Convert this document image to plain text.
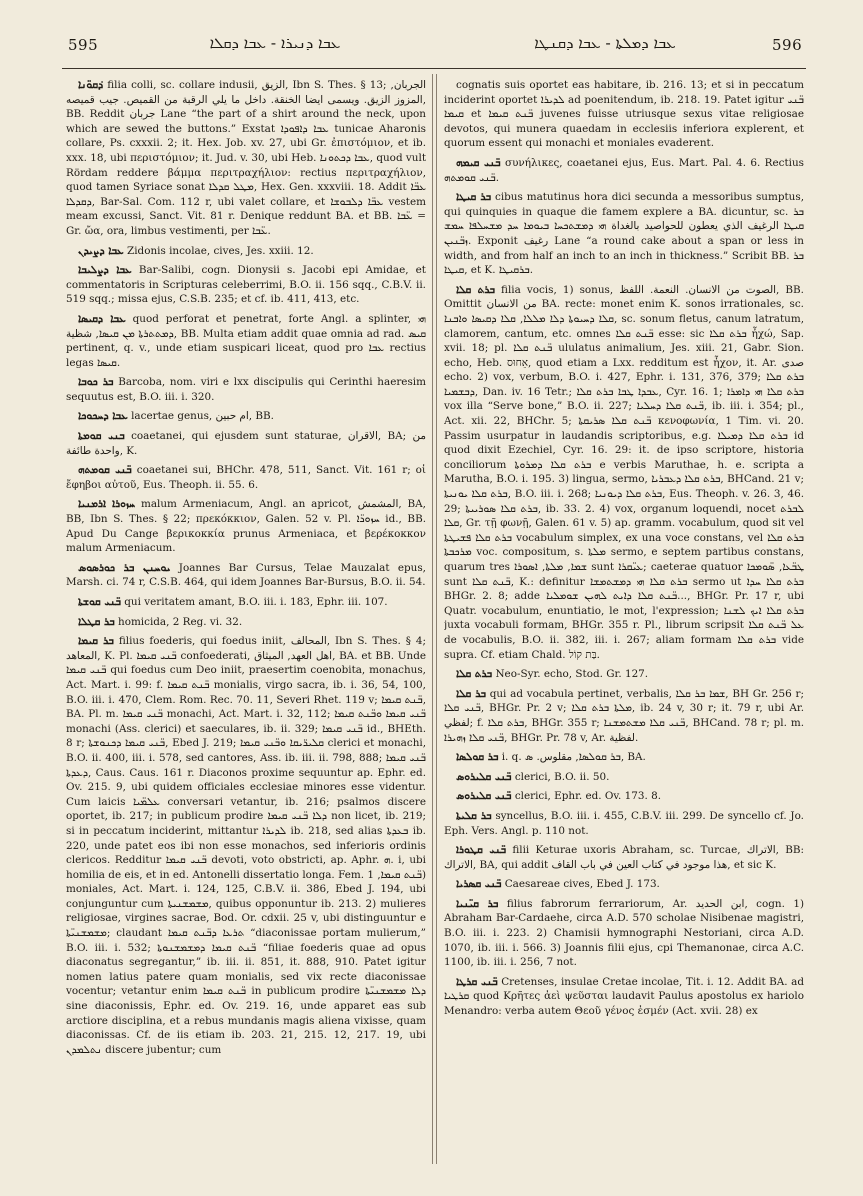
595	ܥܒܐ ܕܢܝܪܐ - ܥܒܐ ܕܩܠܐ	ܥܒܐ ܕܡܠܬܐ - ܥܒܐ ܕܩܢܛܐ	596

ܕ݁ܩܘ̈ܢܐ filia colli, sc. collare indusii, الزيق, Ibn S. Thes. § 13; الجربان, المزوز الزيق. ويسمى ايضا الخنقة. داخل ما يلي الرقبة من القميص. جيب قميصه, BB. Reddit جربان Lane “the part of a shirt around the neck, upon which are sewed the buttons.” Exstat ܥܒܐ ܕܐܦܘܕܐ tunicae Aharonis collare, Ps. cxxxii. 2; it. Hex. Job. xv. 27, ubi Gr. ἐπιστόμιον, et ib. xxx. 18, ubi περιστόμιον; it. Jud. v. 30, ubi Heb. ܥܒܐ ܕܟܬܘܢܐ, quod vult Rördam reddere βάμμα περιτραχήλιον: rectius περιτραχήλιον, quod tamen Syriace sonat ܡܛܠ ܩܕܠܐ, Hex. Gen. xxxviii. 18. Addit ܥܒ̈ܐ ܕܩܕܠܐ, Bar-Sal. Com. 112 r, ubi valet collare, et ܥܒ̈ܐ ܕܠܒܘܫܐ vestem meam excussi, Sanct. Vit. 81 r. Denique reddunt BA. et BB. ܥ̈ܒܐ = Gr. ὤα, ora, limbus vestimenti, per ܥ̈ܒܐ.

ܥܒܐ ܕܨܝܕܢ Zidonis incolae, cives, Jes. xxiii. 12.

ܥܒܐ ܕܨܠܝܒܐ Bar-Salibi, cogn. Dionysii s. Jacobi epi Amidae, et commentatoris in Scripturas celeberrimi, B.O. ii. 156 sqq., C.B.V. ii. 519 sqq.; missa ejus, C.S.B. 235; et cf. ib. 411, 413, etc.

ܥܒܐ ܕܩܝܣܐ quod perforat et penetrat, forte Angl. a splinter, ܗܝ ܕܡܬܬܪܬܐ ܡܢ ܩܝܣܐ, شظية, BB. Multa etiam addit quae omnia ad rad. ܩܝܣ pertinent, q. v., unde etiam suspicari liceat, quod pro ܥܒܐ rectius legas ܩܝܣܐ.

ܒܪ ܟܘܒܐ Barcoba, nom. viri e lxx discipulis qui Cerinthi haeresim sequutus est, B.O. iii. i. 320.

ܥܒܐ ܕܚܟܘܟܐ lacertae genus, ام حبين, BB.

ܒܢܝ ܩܘܡܬܐ coaetanei, qui ejusdem sunt staturae, الاقران, BA; من واحدة طائفة, K.

ܒ̈ܢܝ ܩܘܡܬܗ coaetanei sui, BHChr. 478, 511, Sanct. Vit. 161 r; οἱ ἔφηβοι αὐτοῦ, Eus. Theoph. ii. 55. 6.

ܚܙܘܪܐ ܐܪܡܢܝܐ malum Armeniacum, Angl. an apricot, المشمش, BA, BB, Ibn S. Thes. § 22; πρεκόκκιον, Galen. 52 v. Pl. ܚܙܘܖ̈ܐ id., BB. Apud Du Cange βερικοκκία prunus Armeniaca, et βερέκοκκον malum Armeniacum.

ܝܘܚܢܢ ܒܪ ܟܘܪܣܘܣ Joannes Bar Cursus, Telae Mauzalat epus, Marsh. ci. 74 r, C.S.B. 464, qui idem Joannes Bar-Bursus, B.O. ii. 54.

ܒ̈ܢܝ ܩܘܫܬܐ qui veritatem amant, B.O. iii. i. 183, Ephr. iii. 107.

ܒܪ ܩܛܠܐ homicida, 2 Reg. vi. 32.

ܒܪ ܩܝܡܐ filius foederis, qui foedus iniit, المحالف, Ibn S. Thes. § 4; المعاهد, K. Pl. ܒ̈ܢܝ ܩܝܡܐ confoederati, اهل العهد, الميثاق, BA. et BB. Unde ܒ̈ܢܝ ܩܝܡܐ qui foedus cum Deo iniit, praesertim coenobita, monachus, Act. Mart. i. 99: f. ܒ̈ܢܬ ܩܝܡܐ monialis, virgo sacra, ib. i. 36, 54, 100, B.O. iii. i. 470, Clem. Rom. Rec. 70. 11, Severi Rhet. 119 v; ܒ̈ܢܬ ܩܝܡܐ, BA. Pl. m. ܒ̈ܢܝ ܩܝܡܐ monachi, Act. Mart. i. 32, 112; ܒ̈ܢܝ ܩܝܡܐ ܘܒ̈ܢܬ ܩܝܡܐ monachi (Ass. clerici) et saeculares, ib. ii. 329; ܒ̈ܢܝ ܩܝܡܐ id., BHEth. 8 r; ܒ̈ܢܝ ܩܝܡܐ ܕܟܢܘܫܬܐ, Ebed J. 219; ܩܠܝܪ̈ܝܩܐ ܘܒ̈ܢܝ ܩܝܡܐ clerici et monachi, B.O. ii. 400, iii. i. 578, sed cantores, Ass. ib. iii. ii. 798, 888; ܒ̈ܢܝ ܩܝܡܐ ܕܥܕܬܐ, Caus. Caus. 161 r. Diaconos proxime sequuntur ap. Ephr. ed. Ov. 215. 9, ubi quidem officiales ecclesiae minores esse videntur. Cum laicis ܥܠܡ̈ܝܐ conversari vetantur, ib. 216; psalmos discere oportet, ib. 217; in publicum prodire ܕܠܐ ܒ̈ܢܝ ܩܝܡܐ non licet, ib. 219; si in peccatum inciderint, mittantur ܠܕܝܪܐ ib. 218, sed alias ܒܥܕܬܐ ib. 220, unde patet eos ibi non esse monachos, sed inferioris ordinis clericos. Redditur ܒ̈ܢܝ ܩܝܡܐ devoti, voto obstricti, ap. Aphr. ܗ. i, ubi homilia de eis, et in ed. Antonelli dissertatio longa. Fem. ܒ̈ܢܬ ܩܝܡܐ, 1) moniales, Act. Mart. i. 124, 125, C.B.V. ii. 386, Ebed J. 194, ubi conjunguntur cum ܡܫܡܫܢܝܬܐ, quibus opponuntur ib. 213. 2) mulieres religiosae, virgines sacrae, Bod. Or. cdxii. 25 v, ubi distinguuntur e ܡܫܡܫܢܝ̈ܬܐ; claudant ܬܪܥܐ ܕܒ̈ܢܬ ܩܝܡܐ “diaconissae portam mulierum,” B.O. iii. i. 532; ܒ̈ܢܬ ܩܝܡܐ ܕܡܫܡܫܢܘܬܐ “filiae foederis quae ad opus diaconatus segregantur,” ib. iii. ii. 851, it. 888, 910. Patet igitur nomen latius patere quam monialis, sed vix recte diaconissae vocentur; vetantur enim ܒ̈ܢܬ ܩܝܡܐ in publicum prodire ܕܠܐ ܡܫܡܫܢܝ̈ܬܐ sine diaconissis, Ephr. ed. Ov. 219. 16, unde apparet eas sub arctiore disciplina, et a rebus mundanis magis aliena vixisse, quam diaconissas. Cf. de iis etiam ib. 203. 21, 215. 12, 217. 19, ubi ܢܬܠܡܕܢ discere jubentur; cum

cognatis suis oportet eas habitare, ib. 216. 13; et si in peccatum inciderint oportet ܠܕܝܪܐ ad poenitendum, ib. 218. 19. Patet igitur ܒ̈ܢܝ ܩܝܡܐ et ܒ̈ܢܬ ܩܝܡܐ juvenes fuisse utriusque sexus vitae religiosae devotos, qui munera quaedam in ecclesiis inferiora explerent, et quorum essent qui monachi et moniales evaderent.

ܒ̈ܢܝ ܩܝܡܗ συνήλικες, coaetanei ejus, Eus. Mart. Pal. 4. 6. Rectius ܒ̈ܢܝ ܩܘܡܬܗ.

ܒܪ ܩܝܛܐ cibus matutinus hora dici secunda a messoribus sumptus, qui quinquies in quaque die famem explere a BA. dicuntur, sc. ܒܪ ܩܝܛܐ الرغيف الذي يعطون للحواصيد بالغداة ܗܝ ܕܡܫܬܟܚܐ ܒܝܘܡܐ ܚܕ ܡܫܚܠܦܐ ܚܡܫ ܙܒ̈ܢܝܢ. Exponit رغيف Lane “a round cake about a span or less in width, and from half an inch to an inch in thickness.” Scribit BB. ܒܪ ܩܝܛܐ, et K. ܒܪܩܝܛܐ.

ܒܪܬ ܩܠܐ filia vocis, 1) sonus, الصوت من الانسان. النعمة. اللفظ, BB. Omittit من الانسان BA. recte: monet enim K. sonos irrationales, sc. ܩܠܐ ܕܚܝܘܬܐ ܕܠܐ ܡܠܠܐ, ܩܠܐ ܕܩܝܣܐ ܘܐܒܢܐ, sc. sonum fletus, canum latratum, clamorem, cantum, etc. omnes ܒ̈ܢܬ ܩܠܐ esse: sic ܒܪܬ ܩܠܐ ἦχώ, Sap. xvii. 18; pl. ܒ̈ܢܬ ܩܠܐ ululatus animalium, Jes. xiii. 21, Gabr. Sion. echo, Heb. אֵחוּס, quod etiam a Lxx. redditum est ἦχον, it. Ar. صدى echo. 2) vox, verbum, B.O. i. 427, Ephr. i. 131, 376, 379; ܒܪܬ ܩܠܐ ܕܒܫܡܝܐ, Dan. iv. 16 Tetr.; ܥܒܕܐ ܛܒܐ ܒܪܬ ܩܠܐ, Cyr. 16. 1; ܒܪܬ ܩܠܐ ܗܝ ܕܐܡܪܐ vox illa “Serve bone,” B.O. ii. 227; ܒ̈ܢܬ ܩܠܐ ܕܚܠܝܐ, ib. iii. i. 354; pl., Act. xii. 22, BHChr. 5; ܒ̈ܢܬ ܩܠܐ ܣܪܝܩܬܐ κενοφωνία, 1 Tim. vi. 20. Passim usurpatur in laudandis scriptoribus, e.g. ܒܪܬ ܩܠܐ ܕܡܝܠܐ id quod dixit Ezechiel, Cyr. 16. 29: it. de ipso scriptore, historia conciliorum ܒܪܬ ܩܠܐ ܕܡܪܘܬܐ e verbis Maruthae, h. e. scripta a Marutha, B.O. i. 195. 3) lingua, sermo, ܒܪܬ ܩܠܐ ܕܥܒܪܝܐ, BHCand. 21 v; ܒܪܬ ܩܠܐ ܝܘܢܝܬܐ, B.O. iii. i. 268; ܒܪܬ ܩܠܐ ܕܝܘܢܝܐ, Eus. Theoph. v. 26. 3, 46. 29; ܒܪܬ ܩܠܐ ܣܘܪܝܝܬܐ, ib. 33. 2. 4) vox, organum loquendi, nocet ܠܒܪܬ ܩܠܐ, Gr. τῇ φωνῇ, Galen. 61 v. 5) ap. gramm. vocabulum, quod sit vel ܒܪܬ ܩܠܐ ܦܫܝܛܬܐ vocabulum simplex, ex una voce constans, vel ܒܪܬ ܩܠܐ ܡܪܟܒܬܐ voc. compositum, s. ܡܠܬܐ sermo, e septem partibus constans, quarum tres ܫܡܐ, ܡܠܬܐ, ܐܣܘܪܐ sunt ܥܝ̈ܩܪܐ; caeterae quatuor ܛܒ̈ܥܐ, ܣ̈ܘܡܟܐ sunt ܒ̈ܢܬ ܩܠܐ, K.: definitur ܒܪܬ ܩܠܐ ܗܝ ܕܡܫܬܡܫܐ sermo ut ܒܪܬ ܩܠܐ ܚܕܐ BHGr. 2. 8; adde ܒ̈ܢܬ ܩܠܐ ܕܐܝܬ ܠܗܝܢ ܫܘܡܠܝܐ..., BHGr. Pr. 17 r, ubi Quatr. vocabulum, enuntiatio, le mot, l'expression; ܒܪܬ ܩܠܐ ܐܝܟ ܠܫܢܐ juxta vocabuli formam, BHGr. 355 r. Pl., librum scripsit ܥܠ ܒ̈ܢܬ ܩܠܐ de vocabulis, B.O. ii. 382, iii. i. 267; aliam formam ܒܪܬ ܩܠܐ vide supra. Cf. etiam Chald. בַּת קוֹל.

ܒܪܬ ܩܠܐ Neo-Syr. echo, Stod. Gr. 127.

ܒܪ ܩܠܐ qui ad vocabula pertinet, verbalis, ܫܡܐ ܒܪ ܩܠܐ, BH Gr. 256 r; ܒ̈ܢܝ ܩܠܐ, BHGr. Pr. 2 v; ܡܠܬܐ ܒܪܬ ܩܠܐ, ib. 24 v, 30 r; it. 79 r, ubi Ar. لفظي; f. ܒܪܬ ܩܠܐ, BHGr. 355 r; ܒ̈ܢܝ ܩܠܐ ܡܫܬܡܫܢܐ, BHCand. 78 r; pl. m. ܒ̈ܢܝ ܩܠܐ ܙܗܝܪܐ, BHGr. Pr. 78 v, Ar. لفظية.

ܒܪ ܩܘܠܣܐ i. q. ܒܪ ܩܘܠܣܐ, مقلوس. ܣ, BA.

ܒ̈ܢܝ ܩܠܝܪܘܣ clerici, B.O. ii. 50.

ܒ̈ܢܝ ܩܠܝܪܘܣ clerici, Ephr. ed. Ov. 173. 8.

ܒܪ ܩܠܝܬܐ syncellus, B.O. iii. i. 455, C.B.V. iii. 299. De syncello cf. Jo. Eph. Vers. Angl. p. 110 not.

ܒ̈ܢܝ ܩܛܘܪܐ filii Keturae uxoris Abraham, sc. Turcae, الاتراك, BB: الاتراك, BA, qui addit هذا موجود في كتاب العين في باب القاف, et sic K.

ܒ̈ܢܝ ܩܣܪܝܐ Caesareae cives, Ebed J. 173.

ܒܪ ܩܝ̈ܢܝܐ filius fabrorum ferrariorum, Ar. ابن الحديد, cogn. 1) Abraham Bar-Cardaehe, circa A.D. 570 scholae Nisibenae magistri, B.O. iii. i. 223. 2) Chamisii hymnographi Nestoriani, circa A.D. 1070, ib. iii. i. 566. 3) Joannis filii ejus, cpi Themanonae, circa A.C. 1100, ib. iii. i. 256, 7 not.

ܒ̈ܢܝ ܩܪܛܐ Cretenses, insulae Cretae incolae, Tit. i. 12. Addit BA. ad ܩܪܛܝܐ quod Κρῆτες ἀεὶ ψεῦσται laudavit Paulus apostolus ex hariolo Menandro: verba autem Θεοῦ γένος ἐσμέν (Act. xvii. 28) ex
